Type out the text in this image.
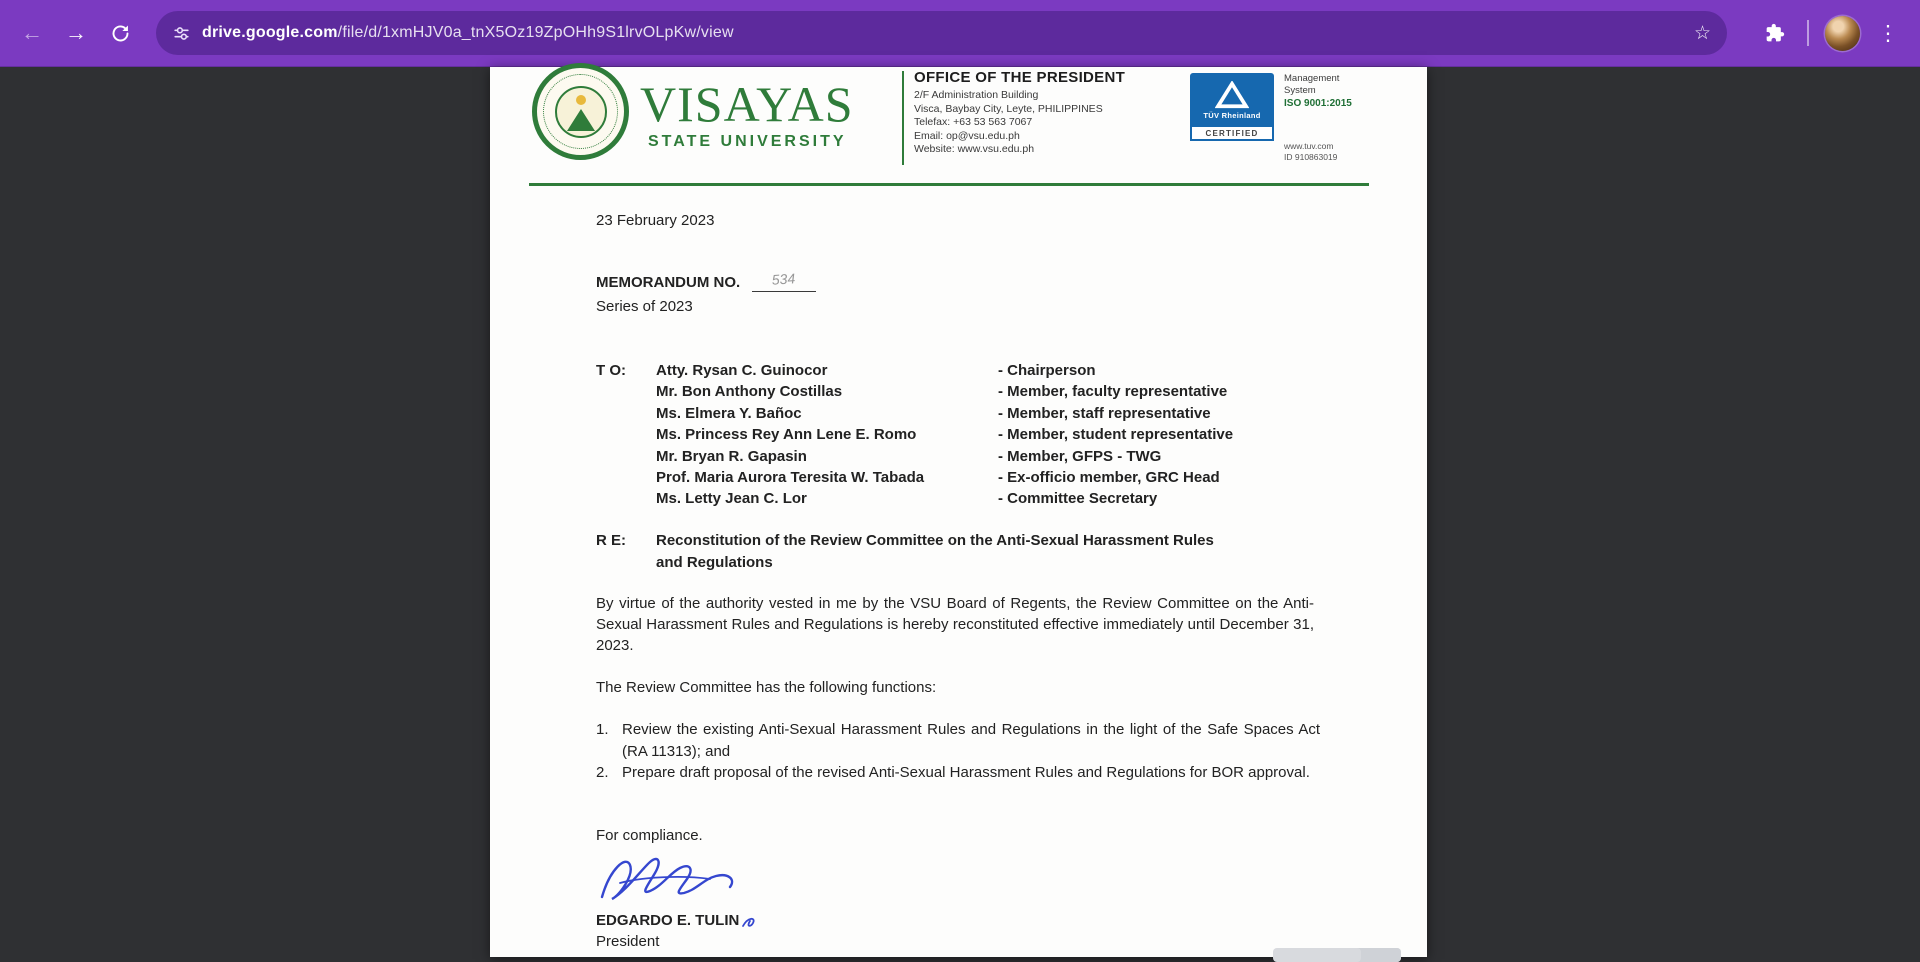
← →	drive.google.com/file/d/1xmHJV0a_tnX5Oz19ZpOHh9S1lrvOLpKw/view	☆	⋮
VISAYAS
STATE UNIVERSITY
OFFICE OF THE PRESIDENT
2/F Administration Building
Visca, Baybay City, Leyte, PHILIPPINES
Telefax: +63 53 563 7067
Email: op@vsu.edu.ph
Website: www.vsu.edu.ph
TÜV Rheinland
CERTIFIED
Management System
ISO 9001:2015
www.tuv.com
ID 910863019
23 February 2023
MEMORANDUM NO. 534
Series of 2023
T O:	Atty. Rysan C. Guinocor	- Chairperson
Mr. Bon Anthony Costillas	- Member, faculty representative
Ms. Elmera Y. Bañoc	- Member, staff representative
Ms. Princess Rey Ann Lene E. Romo	- Member, student representative
Mr. Bryan R. Gapasin	- Member, GFPS - TWG
Prof. Maria Aurora Teresita W. Tabada	- Ex-officio member, GRC Head
Ms. Letty Jean C. Lor	- Committee Secretary
R E:	Reconstitution of the Review Committee on the Anti-Sexual Harassment Rules and Regulations
By virtue of the authority vested in me by the VSU Board of Regents, the Review Committee on the Anti-Sexual Harassment Rules and Regulations is hereby reconstituted effective immediately until December 31, 2023.
The Review Committee has the following functions:
1. Review the existing Anti-Sexual Harassment Rules and Regulations in the light of the Safe Spaces Act (RA 11313); and
2. Prepare draft proposal of the revised Anti-Sexual Harassment Rules and Regulations for BOR approval.
For compliance.
EDGARDO E. TULIN
President
